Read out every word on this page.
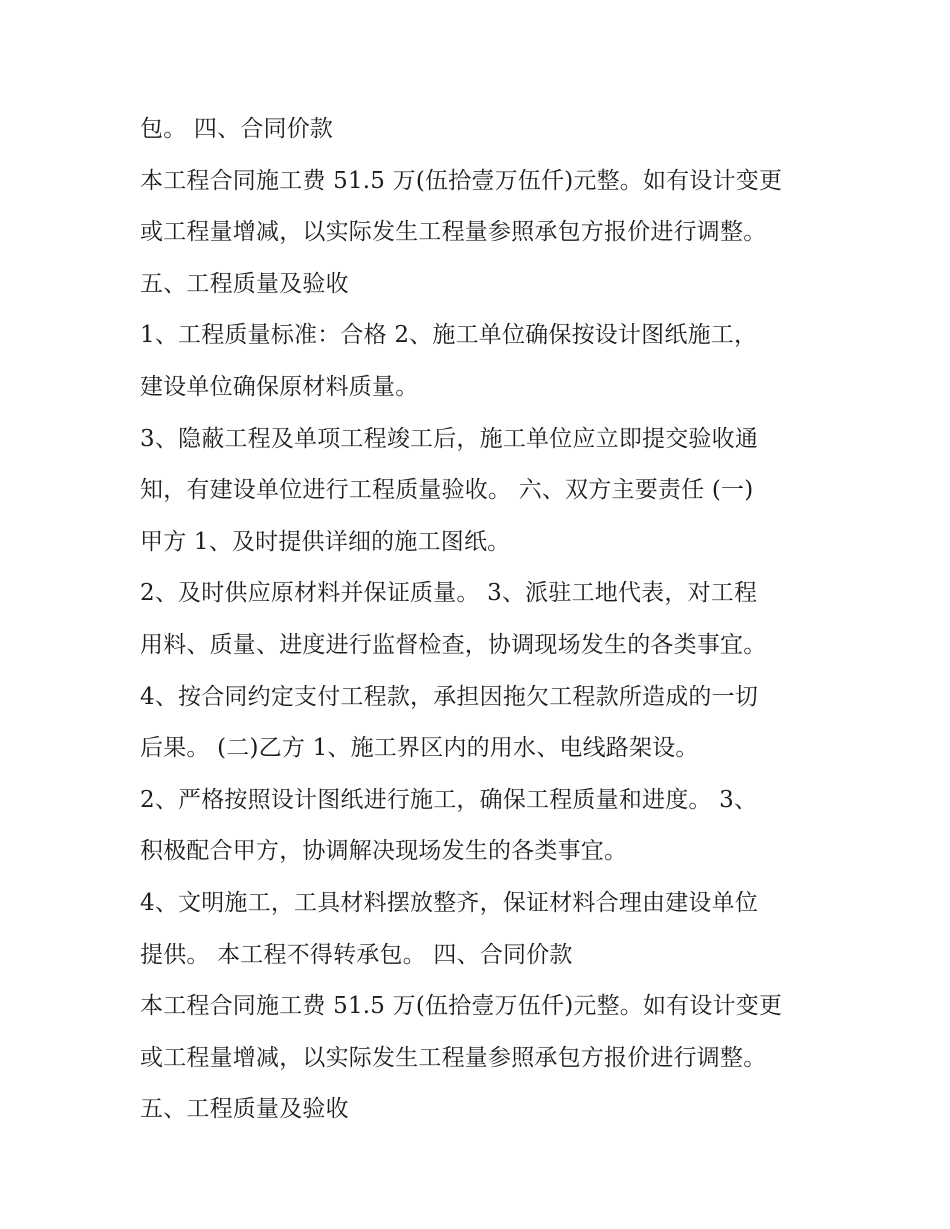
包。 四、合同价款
本工程合同施工费 51.5 万(伍拾壹万伍仟)元整。如有设计变更
或工程量增减，以实际发生工程量参照承包方报价进行调整。
五、工程质量及验收
1、工程质量标准：合格 2、施工单位确保按设计图纸施工，
建设单位确保原材料质量。
3、隐蔽工程及单项工程竣工后，施工单位应立即提交验收通
知，有建设单位进行工程质量验收。 六、双方主要责任 (一)
甲方 1、及时提供详细的施工图纸。
2、及时供应原材料并保证质量。 3、派驻工地代表，对工程
用料、质量、进度进行监督检查，协调现场发生的各类事宜。
4、按合同约定支付工程款，承担因拖欠工程款所造成的一切
后果。 (二)乙方 1、施工界区内的用水、电线路架设。
2、严格按照设计图纸进行施工，确保工程质量和进度。 3、
积极配合甲方，协调解决现场发生的各类事宜。
4、文明施工，工具材料摆放整齐，保证材料合理由建设单位
提供。 本工程不得转承包。 四、合同价款
本工程合同施工费 51.5 万(伍拾壹万伍仟)元整。如有设计变更
或工程量增减，以实际发生工程量参照承包方报价进行调整。
五、工程质量及验收
